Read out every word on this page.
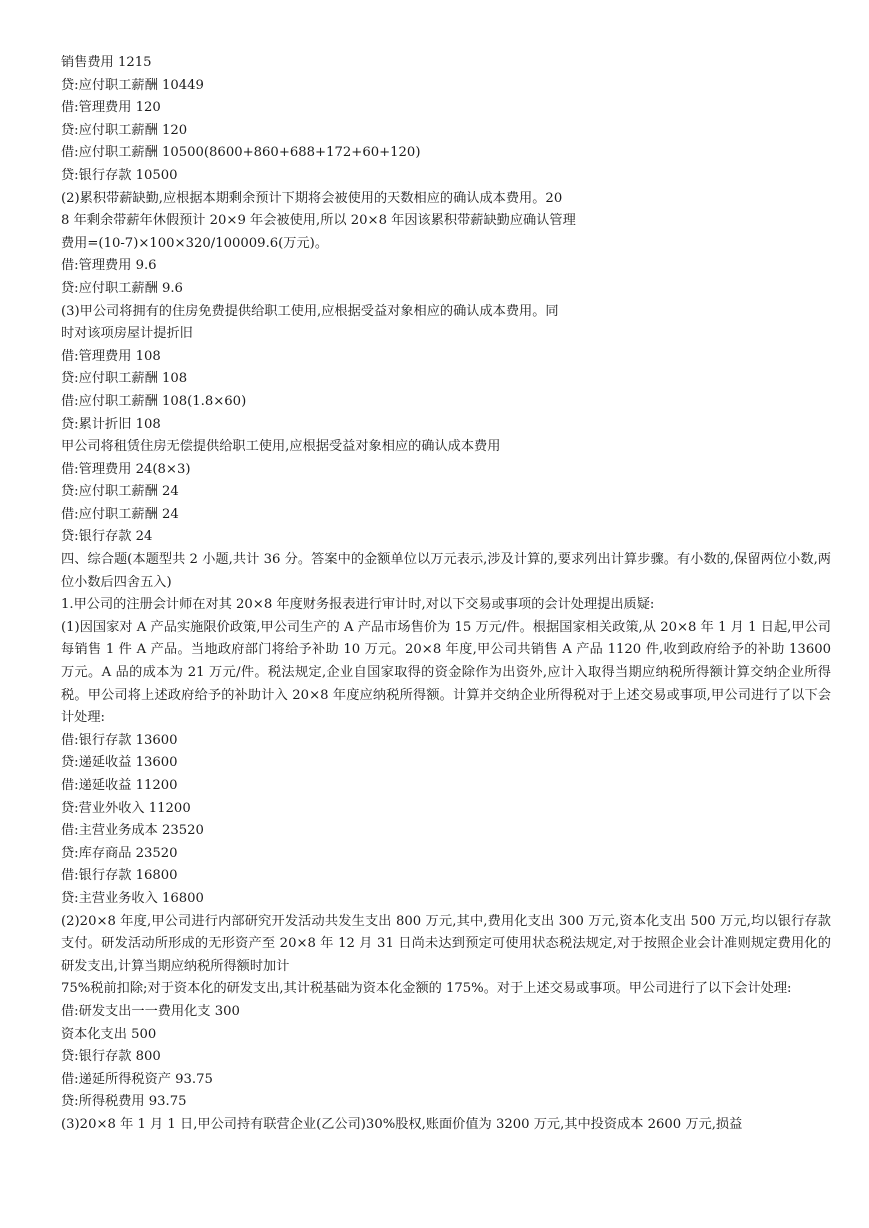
销售费用 1215
贷:应付职工薪酬 10449
借:管理费用 120
贷:应付职工薪酬 120
借:应付职工薪酬 10500(8600+860+688+172+60+120)
贷:银行存款 10500
(2)累积带薪缺勤,应根据本期剩余预计下期将会被使用的天数相应的确认成本费用。20
8 年剩余带薪年休假预计 20×9 年会被使用,所以 20×8 年因该累积带薪缺勤应确认管理
费用=(10-7)×100×320/100009.6(万元)。
借:管理费用 9.6
贷:应付职工薪酬 9.6
(3)甲公司将拥有的住房免费提供给职工使用,应根据受益对象相应的确认成本费用。同
时对该项房屋计提折旧
借:管理费用 108
贷:应付职工薪酬 108
借:应付职工薪酬 108(1.8×60)
贷:累计折旧 108
甲公司将租赁住房无偿提供给职工使用,应根据受益对象相应的确认成本费用
借:管理费用 24(8×3)
贷:应付职工薪酬 24
借:应付职工薪酬 24
贷:银行存款 24
四、综合题(本题型共 2 小题,共计 36 分。答案中的金额单位以万元表示,涉及计算的,要求列出计算步骤。有小数的,保留两位小数,两位小数后四舍五入)
1.甲公司的注册会计师在对其 20×8 年度财务报表进行审计时,对以下交易或事项的会计处理提出质疑:
(1)因国家对 A 产品实施限价政策,甲公司生产的 A 产品市场售价为 15 万元/件。根据国家相关政策,从 20×8 年 1 月 1 日起,甲公司每销售 1 件 A 产品。当地政府部门将给予补助 10 万元。20×8 年度,甲公司共销售 A 产品 1120 件,收到政府给予的补助 13600 万元。A 品的成本为 21 万元/件。税法规定,企业自国家取得的资金除作为出资外,应计入取得当期应纳税所得额计算交纳企业所得税。甲公司将上述政府给予的补助计入 20×8 年度应纳税所得额。计算并交纳企业所得税对于上述交易或事项,甲公司进行了以下会计处理:
借:银行存款 13600
贷:递延收益 13600
借:递延收益 11200
贷:营业外收入 11200
借:主营业务成本 23520
贷:库存商品 23520
借:银行存款 16800
贷:主营业务收入 16800
(2)20×8 年度,甲公司进行内部研究开发活动共发生支出 800 万元,其中,费用化支出 300 万元,资本化支出 500 万元,均以银行存款支付。研发活动所形成的无形资产至 20×8 年 12 月 31 日尚未达到预定可使用状态税法规定,对于按照企业会计准则规定费用化的研发支出,计算当期应纳税所得额时加计
75%税前扣除;对于资本化的研发支出,其计税基础为资本化金额的 175%。对于上述交易或事项。甲公司进行了以下会计处理:
借:研发支出一一费用化支 300
资本化支出 500
贷:银行存款 800
借:递延所得税资产 93.75
贷:所得税费用 93.75
(3)20×8 年 1 月 1 日,甲公司持有联营企业(乙公司)30%股权,账面价值为 3200 万元,其中投资成本 2600 万元,损益
